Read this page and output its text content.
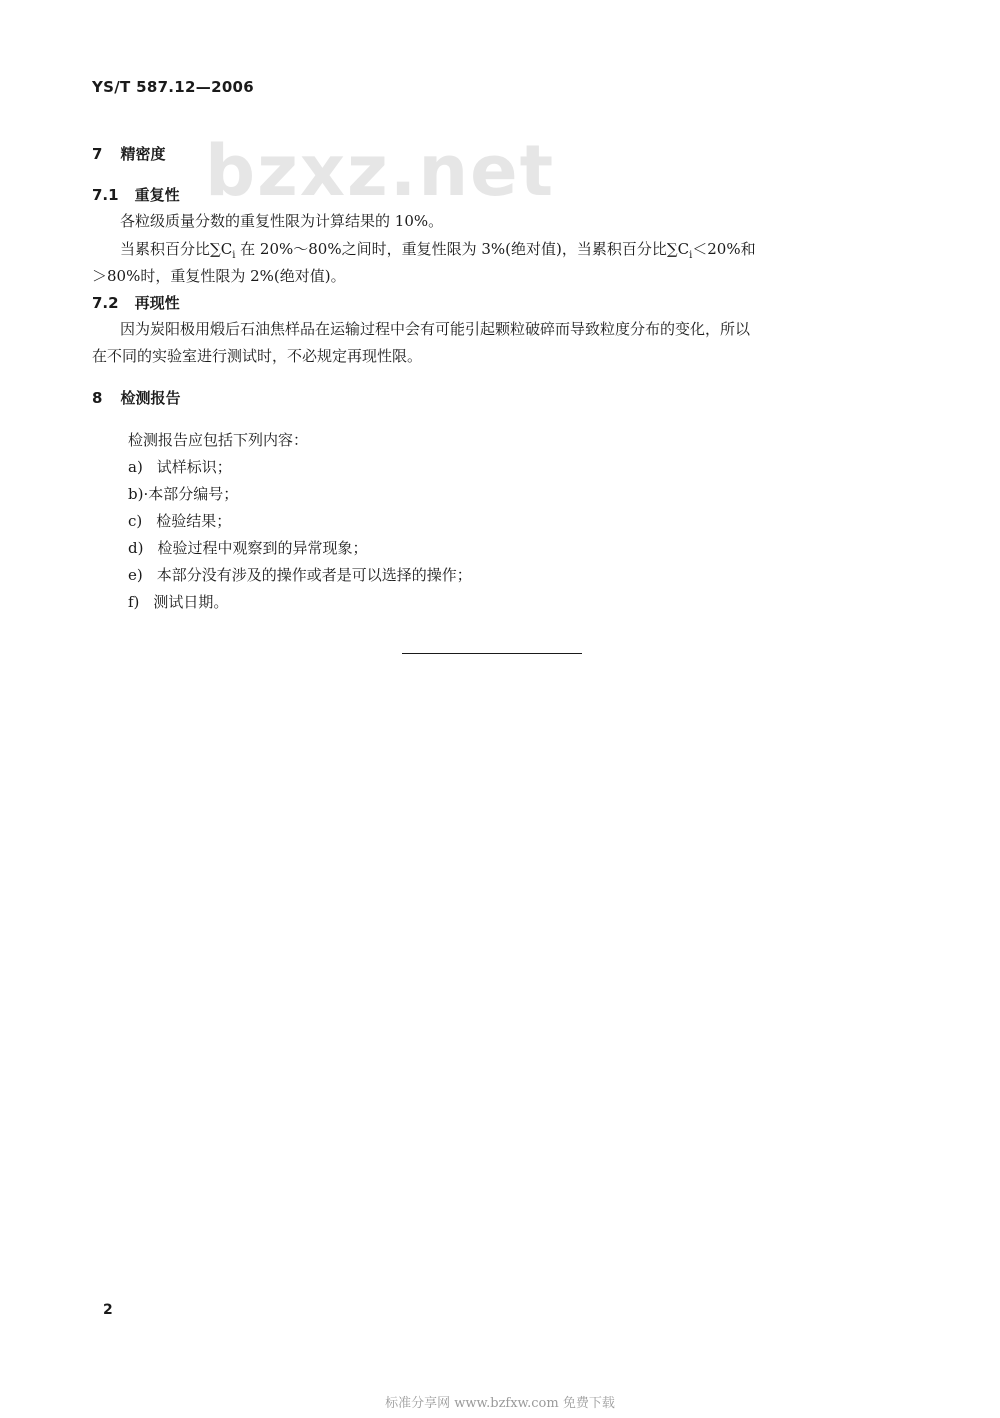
YS/T 587.12—2006
bzxz.net
7 精密度
7.1 重复性
各粒级质量分数的重复性限为计算结果的 10%。
当累积百分比$\sum C_i$ 在 20%～80%之间时，重复性限为 3%(绝对值)，当累积百分比$\sum C_i<20\%$和
＞80%时，重复性限为 2%(绝对值)。
7.2 再现性
因为炭阳极用煅后石油焦样品在运输过程中会有可能引起颗粒破碎而导致粒度分布的变化，所以
在不同的实验室进行测试时，不必规定再现性限。
8 检测报告
检测报告应包括下列内容：
a) 试样标识；
b)·本部分编号；
c) 检验结果；
d) 检验过程中观察到的异常现象；
e) 本部分没有涉及的操作或者是可以选择的操作；
f) 测试日期。
2
标准分享网 www.bzfxw.com 免费下载
